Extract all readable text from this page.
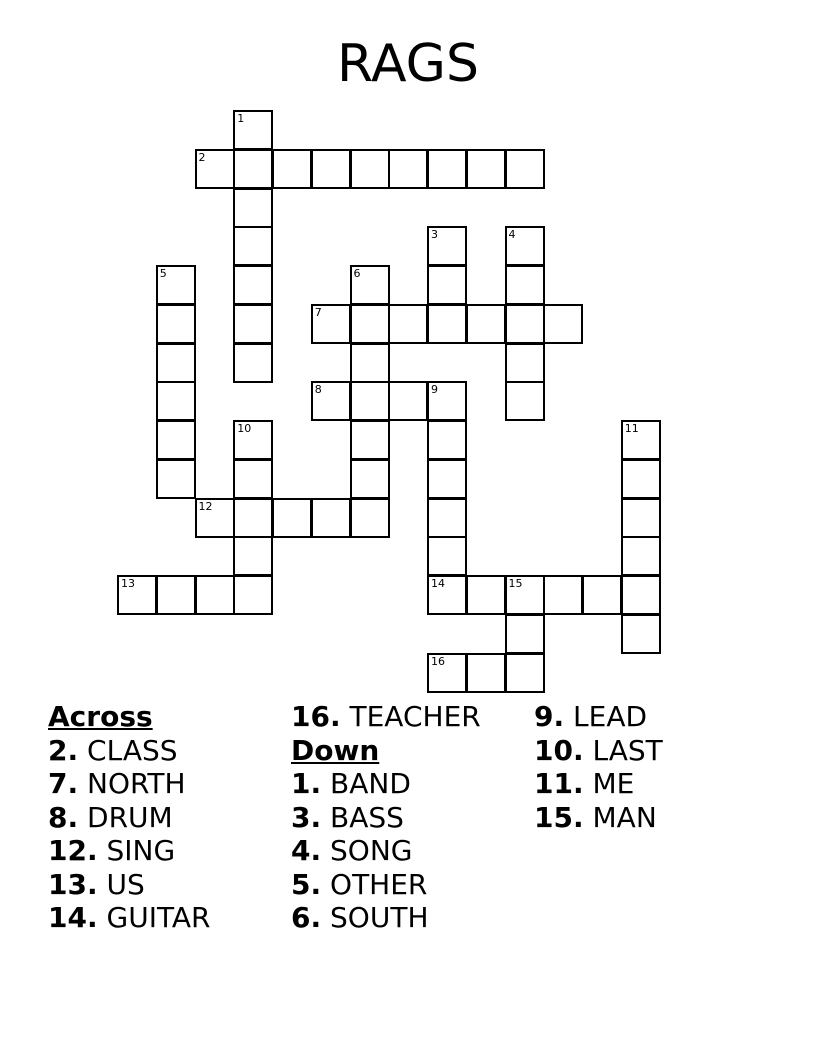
RAGS
1
2
3	4
5	6
7
8	9
10	11
12
13	14	15
16
Across
2. CLASS
7. NORTH
8. DRUM
12. SING
13. US
14. GUITAR
16. TEACHER
Down
1. BAND
3. BASS
4. SONG
5. OTHER
6. SOUTH
9. LEAD
10. LAST
11. ME
15. MAN
